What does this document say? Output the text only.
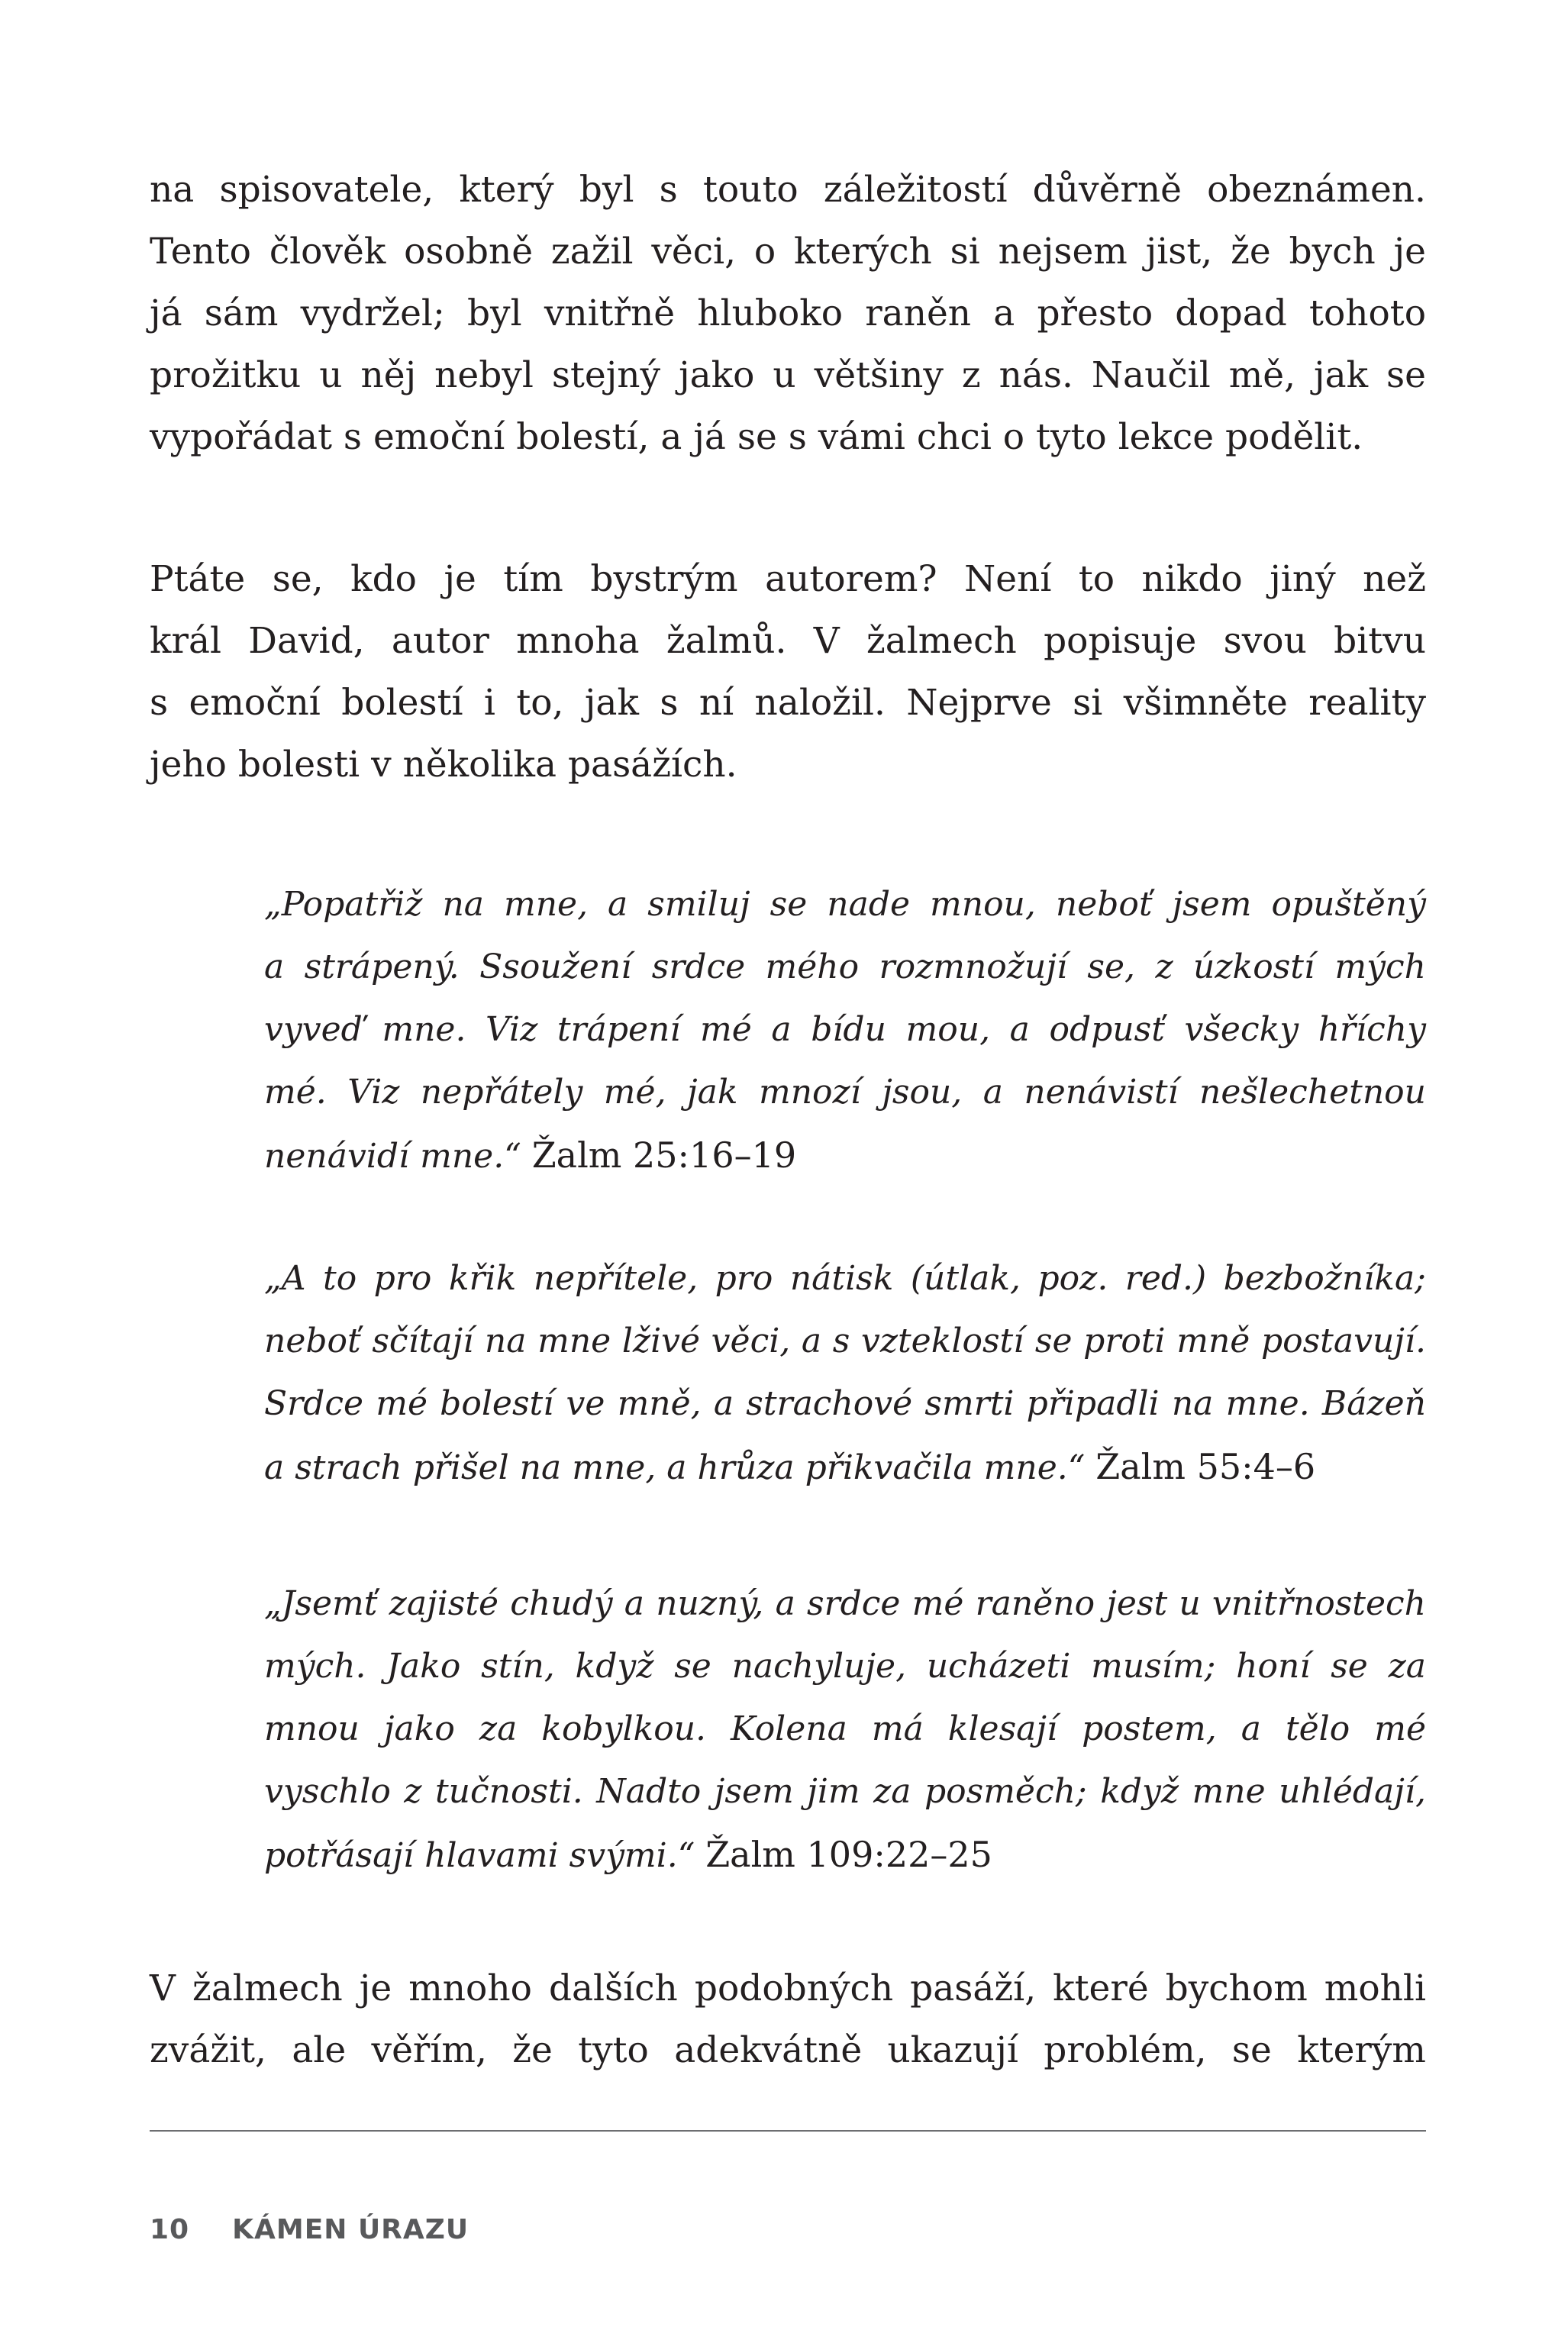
na spisovatele, který byl s touto záležitostí důvěrně obeznámen.
Tento člověk osobně zažil věci, o kterých si nejsem jist, že bych je
já sám vydržel; byl vnitřně hluboko raněn a přesto dopad tohoto
prožitku u něj nebyl stejný jako u většiny z nás. Naučil mě, jak se
vypořádat s emoční bolestí, a já se s vámi chci o tyto lekce podělit.
Ptáte se, kdo je tím bystrým autorem? Není to nikdo jiný než
král David, autor mnoha žalmů. V žalmech popisuje svou bitvu
s emoční bolestí i to, jak s ní naložil. Nejprve si všimněte reality
jeho bolesti v několika pasážích.
„Popatřiž na mne, a smiluj se nade mnou, neboť jsem opuštěný
a strápený. Ssoužení srdce mého rozmnožují se, z úzkostí mých
vyveď mne. Viz trápení mé a bídu mou, a odpusť všecky hříchy
mé. Viz nepřátely mé, jak mnozí jsou, a nenávistí nešlechetnou
nenávidí mne.“ Žalm 25:16–19
„A to pro křik nepřítele, pro nátisk (útlak, poz. red.) bezbožníka;
neboť sčítají na mne lživé věci, a s vzteklostí se proti mně postavují.
Srdce mé bolestí ve mně, a strachové smrti připadli na mne. Bázeň
a strach přišel na mne, a hrůza přikvačila mne.“ Žalm 55:4–6
„Jsemť zajisté chudý a nuzný, a srdce mé raněno jest u vnitřnostech
mých. Jako stín, když se nachyluje, ucházeti musím; honí se za
mnou jako za kobylkou. Kolena má klesají postem, a tělo mé
vyschlo z tučnosti. Nadto jsem jim za posměch; když mne uhlédají,
potřásají hlavami svými.“ Žalm 109:22–25
V žalmech je mnoho dalších podobných pasáží, které bychom mohli
zvážit, ale věřím, že tyto adekvátně ukazují problém, se kterým
10 KÁMEN ÚRAZU
